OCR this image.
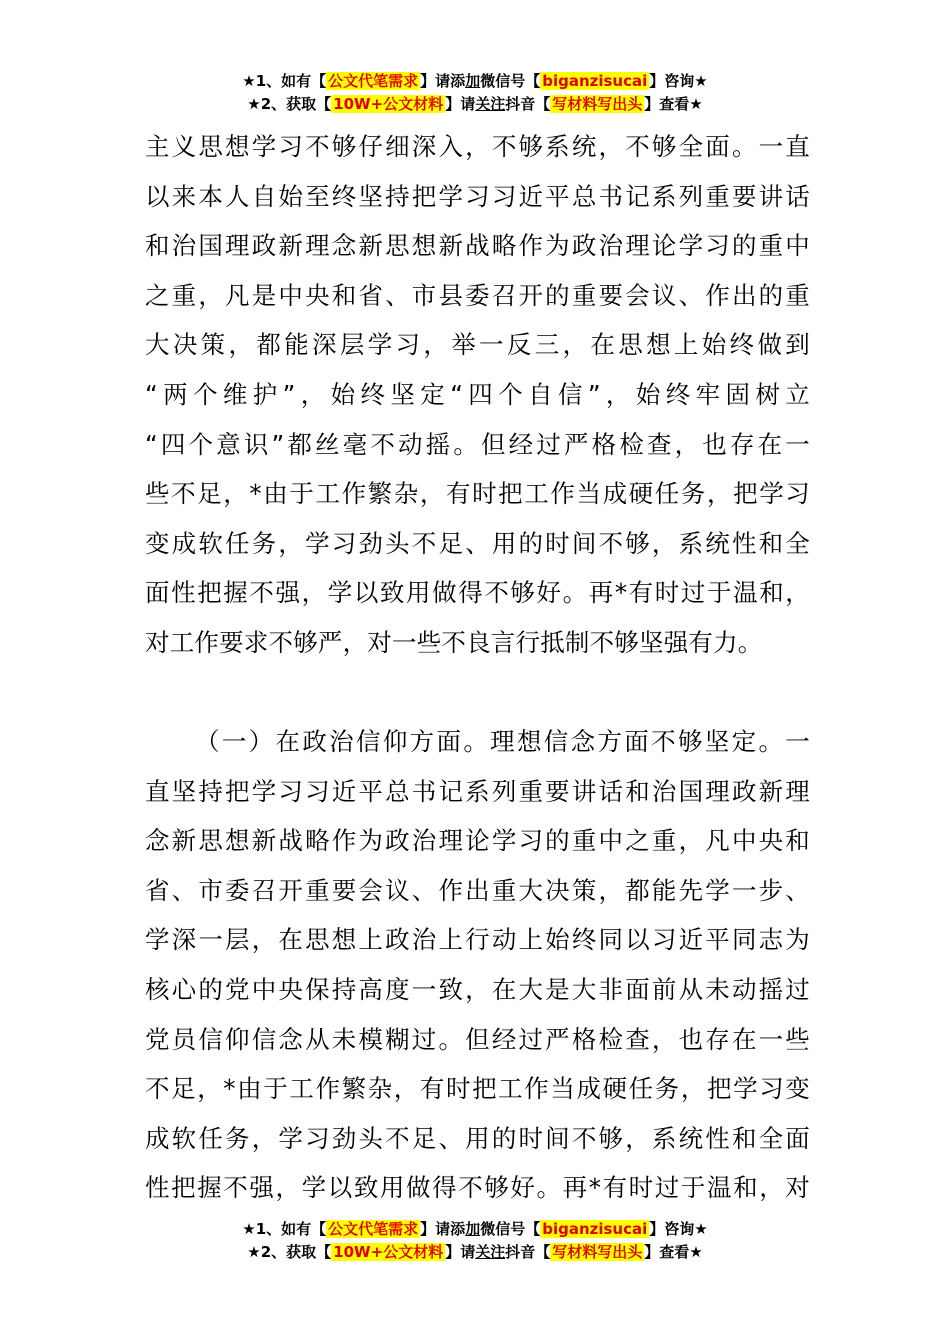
★1、如有【 公文代笔需求 】请添加微信号【 biganzisucai 】咨询★
★2、获取【 10W+公文材料 】请关注抖音【 写材料写出头 】查看★
主义思想学习不够仔细深入，不够系统，不够全面。一直
以来本人自始至终坚持把学习习近平总书记系列重要讲话
和治国理政新理念新思想新战略作为政治理论学习的重中
之重，凡是中央和省、市县委召开的重要会议、作出的重
大决策，都能深层学习，举一反三，在思想上始终做到
“两个维护”，始终坚定“四个自信”，始终牢固树立
“四个意识”都丝毫不动摇。但经过严格检查，也存在一
些不足，*由于工作繁杂，有时把工作当成硬任务，把学习
变成软任务，学习劲头不足、用的时间不够，系统性和全
面性把握不强，学以致用做得不够好。再*有时过于温和，
对工作要求不够严，对一些不良言行抵制不够坚强有力。
（一）在政治信仰方面。理想信念方面不够坚定。一
直坚持把学习习近平总书记系列重要讲话和治国理政新理
念新思想新战略作为政治理论学习的重中之重，凡中央和
省、市委召开重要会议、作出重大决策，都能先学一步、
学深一层，在思想上政治上行动上始终同以习近平同志为
核心的党中央保持高度一致，在大是大非面前从未动摇过
党员信仰信念从未模糊过。但经过严格检查，也存在一些
不足，*由于工作繁杂，有时把工作当成硬任务，把学习变
成软任务，学习劲头不足、用的时间不够，系统性和全面
性把握不强，学以致用做得不够好。再*有时过于温和，对
★1、如有【 公文代笔需求 】请添加微信号【 biganzisucai 】咨询★
★2、获取【 10W+公文材料 】请关注抖音【 写材料写出头 】查看★
